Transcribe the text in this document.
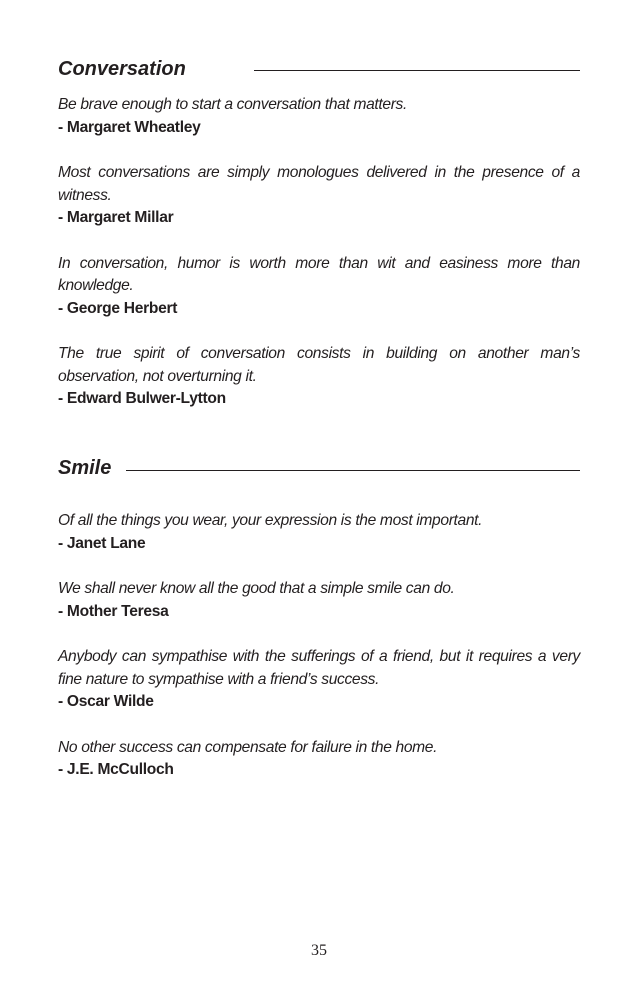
Conversation
Be brave enough to start a conversation that matters.
- Margaret Wheatley
Most conversations are simply monologues delivered in the presence of a witness.
- Margaret Millar
In conversation, humor is worth more than wit and easiness more than knowledge.
- George Herbert
The true spirit of conversation consists in building on another man’s observation, not overturning it.
- Edward Bulwer-Lytton
Smile
Of all the things you wear, your expression is the most important.
- Janet Lane
We shall never know all the good that a simple smile can do.
- Mother Teresa
Anybody can sympathise with the sufferings of a friend, but it requires a very fine nature to sympathise with a friend’s success.
- Oscar Wilde
No other success can compensate for failure in the home.
- J.E. McCulloch
35
